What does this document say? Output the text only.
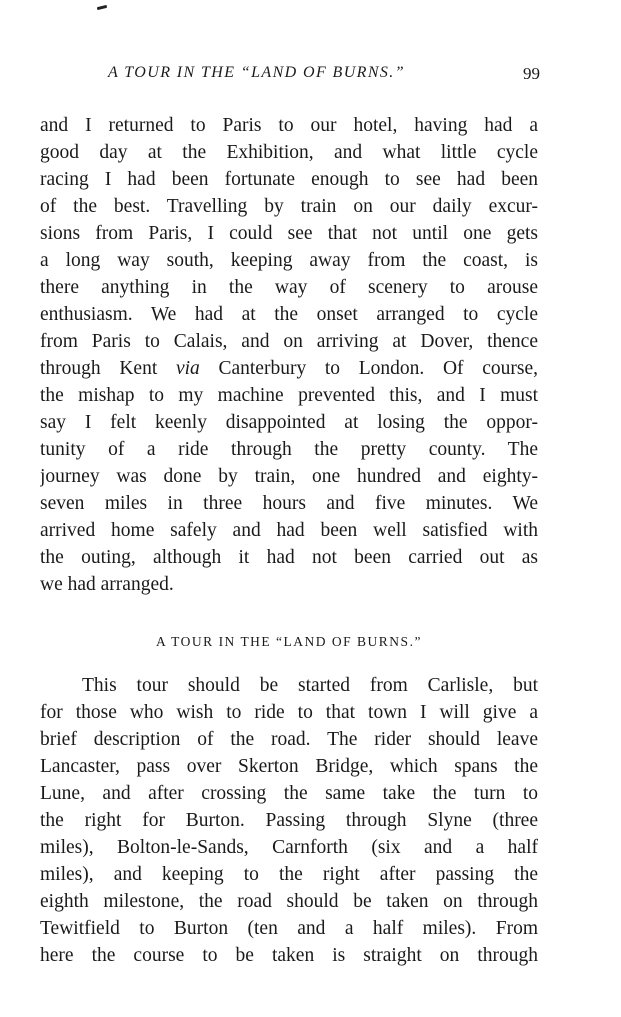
A TOUR IN THE “LAND OF BURNS.”	99
and I returned to Paris to our hotel, having had a
good day at the Exhibition, and what little cycle
racing I had been fortunate enough to see had been
of the best. Travelling by train on our daily excur-
sions from Paris, I could see that not until one gets
a long way south, keeping away from the coast, is
there anything in the way of scenery to arouse
enthusiasm. We had at the onset arranged to cycle
from Paris to Calais, and on arriving at Dover, thence
through Kent via Canterbury to London. Of course,
the mishap to my machine prevented this, and I must
say I felt keenly disappointed at losing the oppor-
tunity of a ride through the pretty county. The
journey was done by train, one hundred and eighty-
seven miles in three hours and five minutes. We
arrived home safely and had been well satisfied with
the outing, although it had not been carried out as
we had arranged.
A TOUR IN THE “LAND OF BURNS.”
This tour should be started from Carlisle, but
for those who wish to ride to that town I will give a
brief description of the road. The rider should leave
Lancaster, pass over Skerton Bridge, which spans the
Lune, and after crossing the same take the turn to
the right for Burton. Passing through Slyne (three
miles), Bolton-le-Sands, Carnforth (six and a half
miles), and keeping to the right after passing the
eighth milestone, the road should be taken on through
Tewitfield to Burton (ten and a half miles). From
here the course to be taken is straight on through
